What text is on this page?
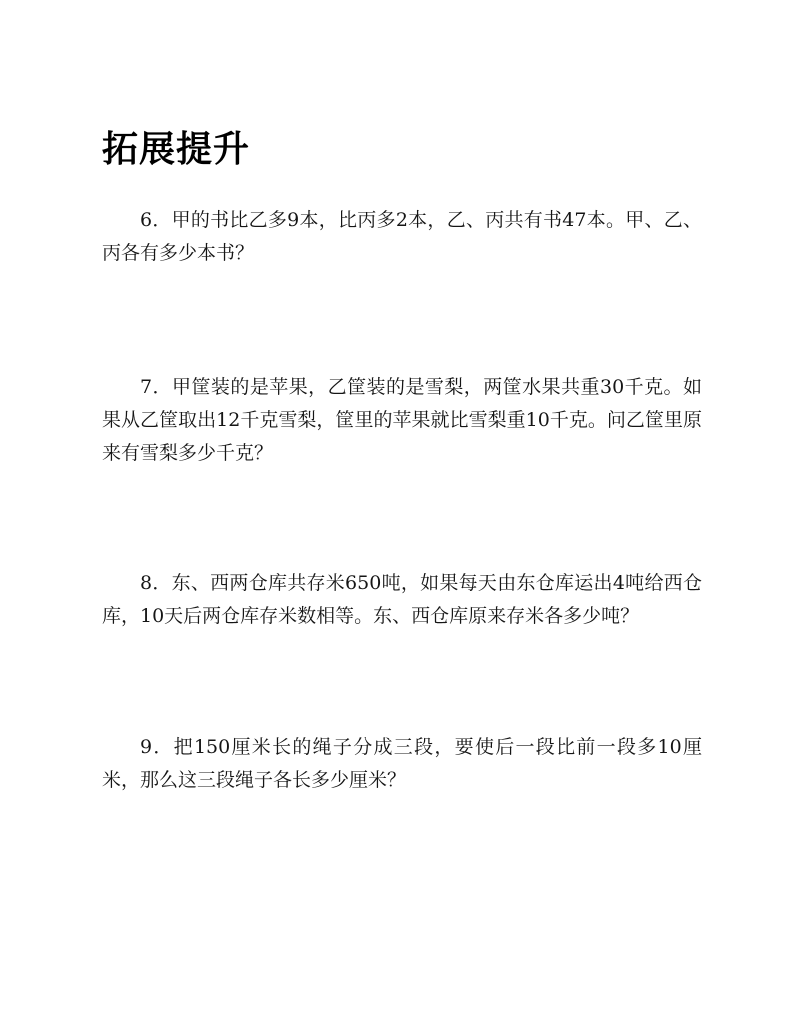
拓展提升

6．甲的书比乙多9本，比丙多2本，乙、丙共有书47本。甲、乙、丙各有多少本书？

7．甲筐装的是苹果，乙筐装的是雪梨，两筐水果共重30千克。如果从乙筐取出12千克雪梨，筐里的苹果就比雪梨重10千克。问乙筐里原来有雪梨多少千克？

8．东、西两仓库共存米650吨，如果每天由东仓库运出4吨给西仓库，10天后两仓库存米数相等。东、西仓库原来存米各多少吨？

9．把150厘米长的绳子分成三段，要使后一段比前一段多10厘米，那么这三段绳子各长多少厘米？
